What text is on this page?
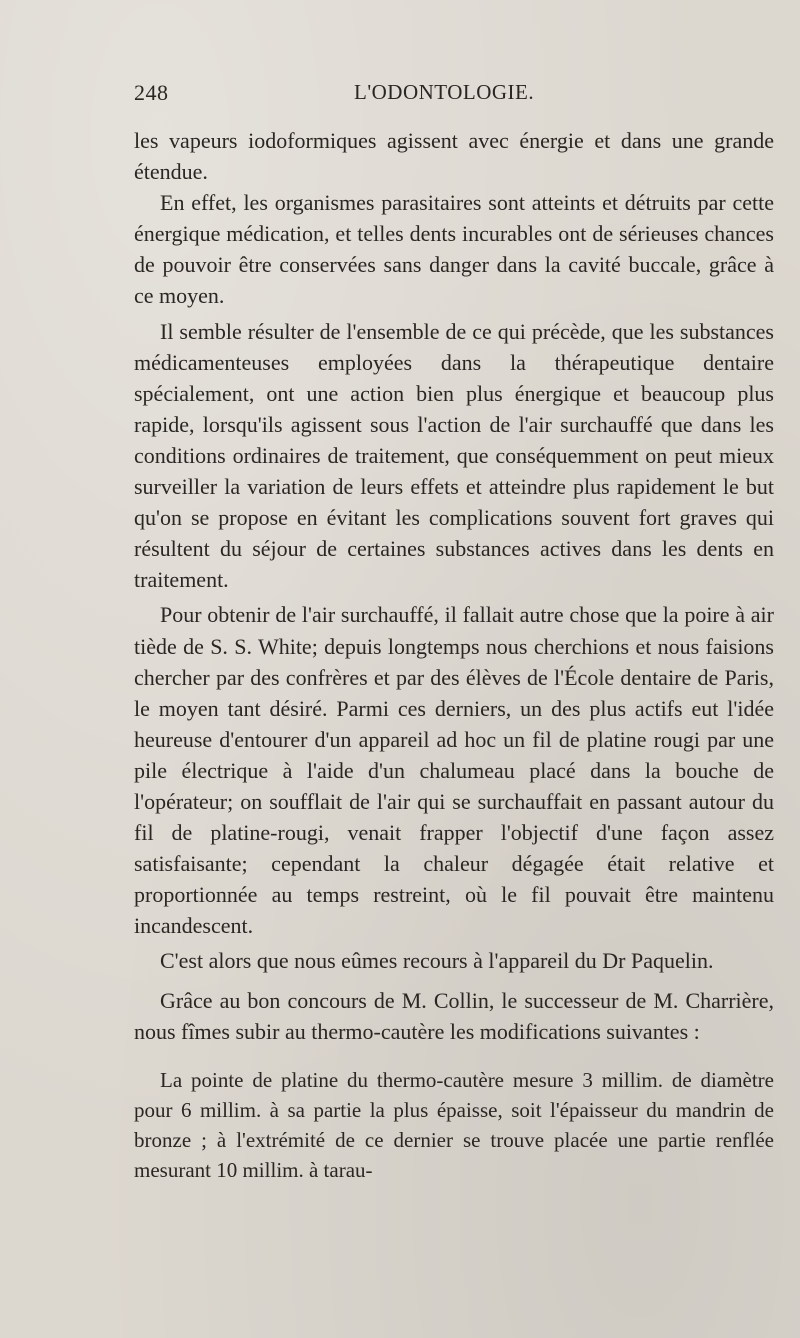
248	L'ODONTOLOGIE.

les vapeurs iodoformiques agissent avec énergie et dans une grande étendue.

En effet, les organismes parasitaires sont atteints et détruits par cette énergique médication, et telles dents incurables ont de sérieuses chances de pouvoir être conservées sans danger dans la cavité buccale, grâce à ce moyen.

Il semble résulter de l'ensemble de ce qui précède, que les substances médicamenteuses employées dans la thérapeutique dentaire spécialement, ont une action bien plus énergique et beaucoup plus rapide, lorsqu'ils agissent sous l'action de l'air surchauffé que dans les conditions ordinaires de traitement, que conséquemment on peut mieux surveiller la variation de leurs effets et atteindre plus rapidement le but qu'on se propose en évitant les complications souvent fort graves qui résultent du séjour de certaines substances actives dans les dents en traitement.

Pour obtenir de l'air surchauffé, il fallait autre chose que la poire à air tiède de S. S. White; depuis longtemps nous cherchions et nous faisions chercher par des confrères et par des élèves de l'École dentaire de Paris, le moyen tant désiré. Parmi ces derniers, un des plus actifs eut l'idée heureuse d'entourer d'un appareil ad hoc un fil de platine rougi par une pile électrique à l'aide d'un chalumeau placé dans la bouche de l'opérateur; on soufflait de l'air qui se surchauffait en passant autour du fil de platine-rougi, venait frapper l'objectif d'une façon assez satisfaisante; cependant la chaleur dégagée était relative et proportionnée au temps restreint, où le fil pouvait être maintenu incandescent.

C'est alors que nous eûmes recours à l'appareil du Dr Paquelin.

Grâce au bon concours de M. Collin, le successeur de M. Charrière, nous fîmes subir au thermo-cautère les modifications suivantes :

La pointe de platine du thermo-cautère mesure 3 millim. de diamètre pour 6 millim. à sa partie la plus épaisse, soit l'épaisseur du mandrin de bronze ; à l'extrémité de ce dernier se trouve placée une partie renflée mesurant 10 millim. à tarau-
